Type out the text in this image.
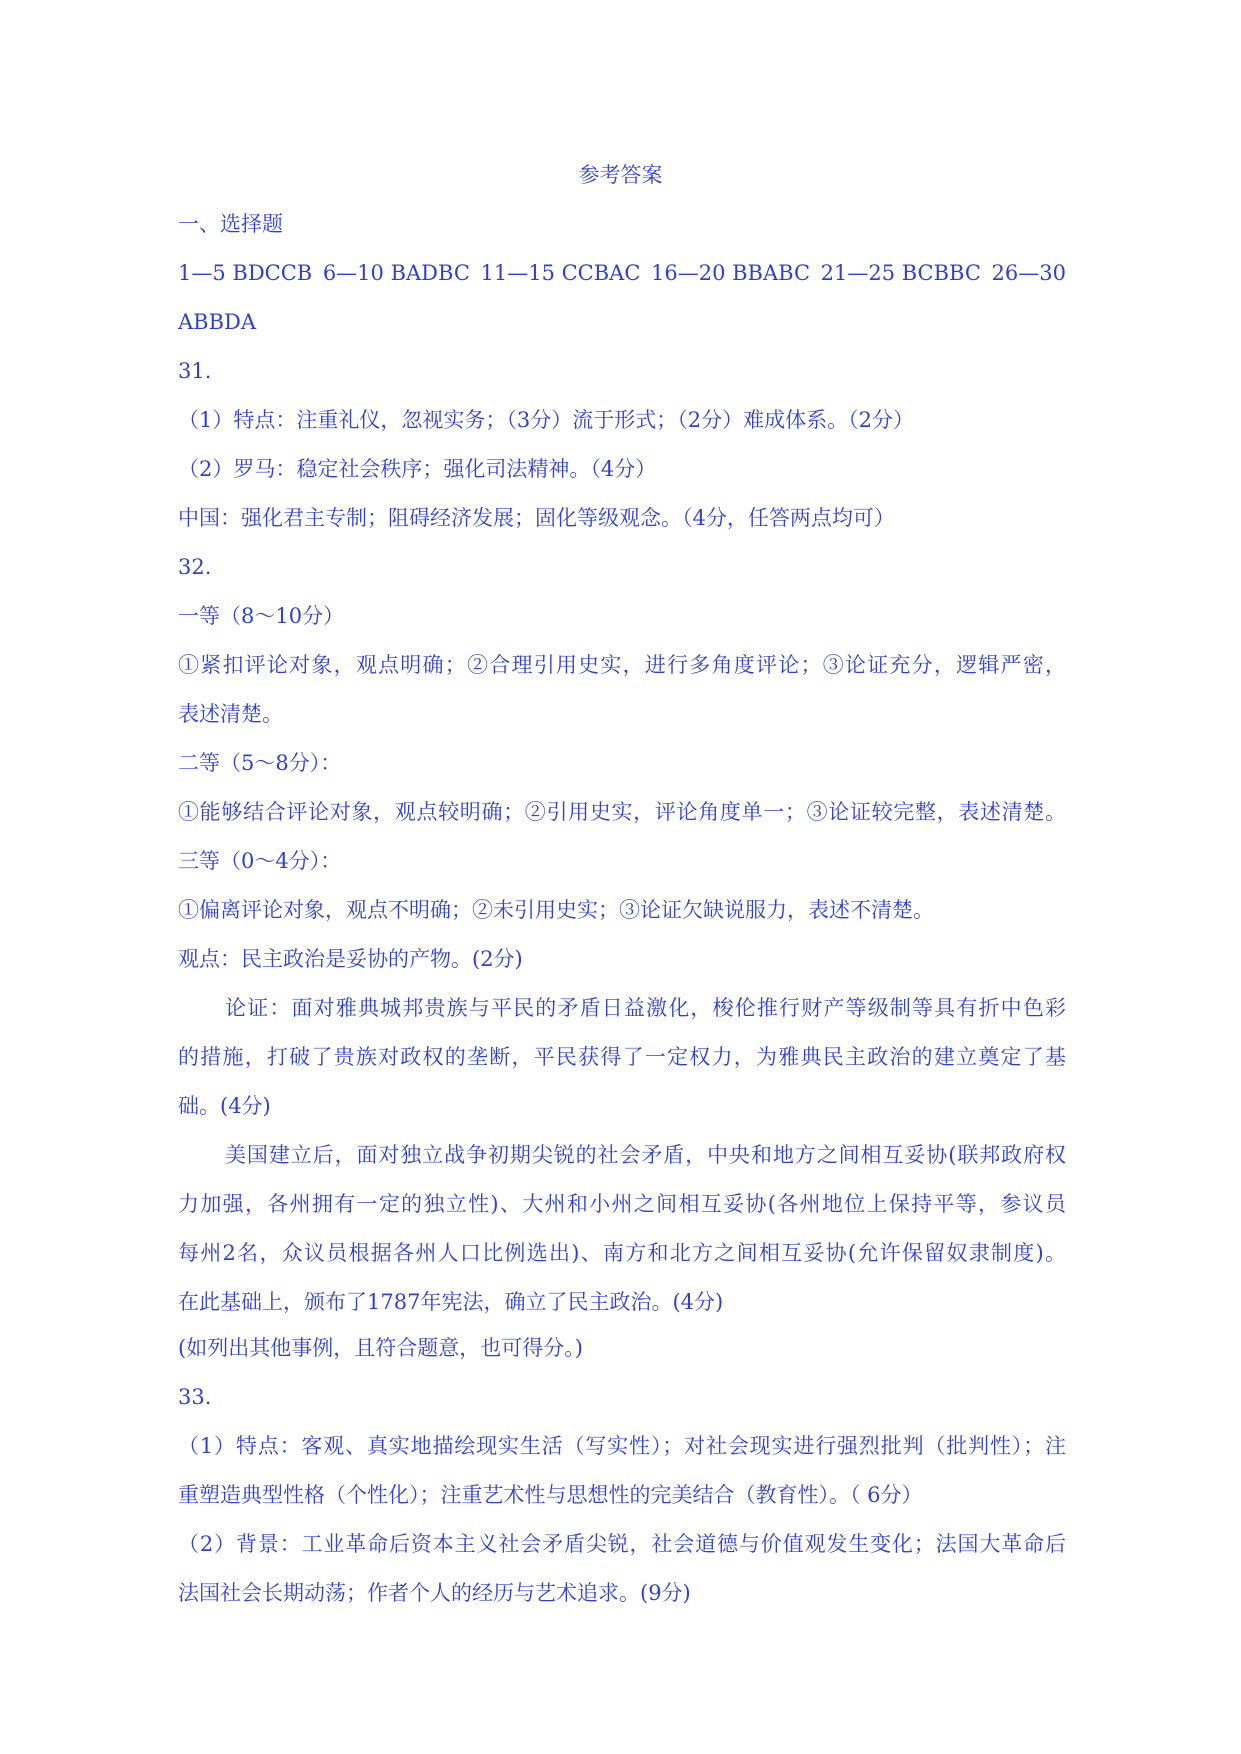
参考答案
一、选择题
1—5 BDCCB 6—10 BADBC 11—15 CCBAC 16—20 BBABC 21—25 BCBBC 26—30
ABBDA
31.
（1）特点：注重礼仪，忽视实务；（3分）流于形式；（2分）难成体系。（2分）
（2）罗马：稳定社会秩序；强化司法精神。（4分）
中国：强化君主专制；阻碍经济发展；固化等级观念。（4分，任答两点均可）
32.
一等（8～10分）
①紧扣评论对象，观点明确；②合理引用史实，进行多角度评论；③论证充分，逻辑严密，
表述清楚。
二等（5～8分）：
①能够结合评论对象，观点较明确；②引用史实，评论角度单一；③论证较完整，表述清楚。
三等（0～4分）：
①偏离评论对象，观点不明确；②未引用史实；③论证欠缺说服力，表述不清楚。
观点：民主政治是妥协的产物。(2分)
论证：面对雅典城邦贵族与平民的矛盾日益激化，梭伦推行财产等级制等具有折中色彩
的措施，打破了贵族对政权的垄断，平民获得了一定权力，为雅典民主政治的建立奠定了基
础。(4分)
美国建立后，面对独立战争初期尖锐的社会矛盾，中央和地方之间相互妥协(联邦政府权
力加强，各州拥有一定的独立性)、大州和小州之间相互妥协(各州地位上保持平等，参议员
每州2名，众议员根据各州人口比例选出)、南方和北方之间相互妥协(允许保留奴隶制度)。
在此基础上，颁布了1787年宪法，确立了民主政治。(4分)
(如列出其他事例，且符合题意，也可得分。)
33.
（1）特点：客观、真实地描绘现实生活（写实性）；对社会现实进行强烈批判（批判性）；注
重塑造典型性格（个性化）；注重艺术性与思想性的完美结合（教育性）。（ 6分）
（2）背景：工业革命后资本主义社会矛盾尖锐，社会道德与价值观发生变化；法国大革命后
法国社会长期动荡；作者个人的经历与艺术追求。(9分)
